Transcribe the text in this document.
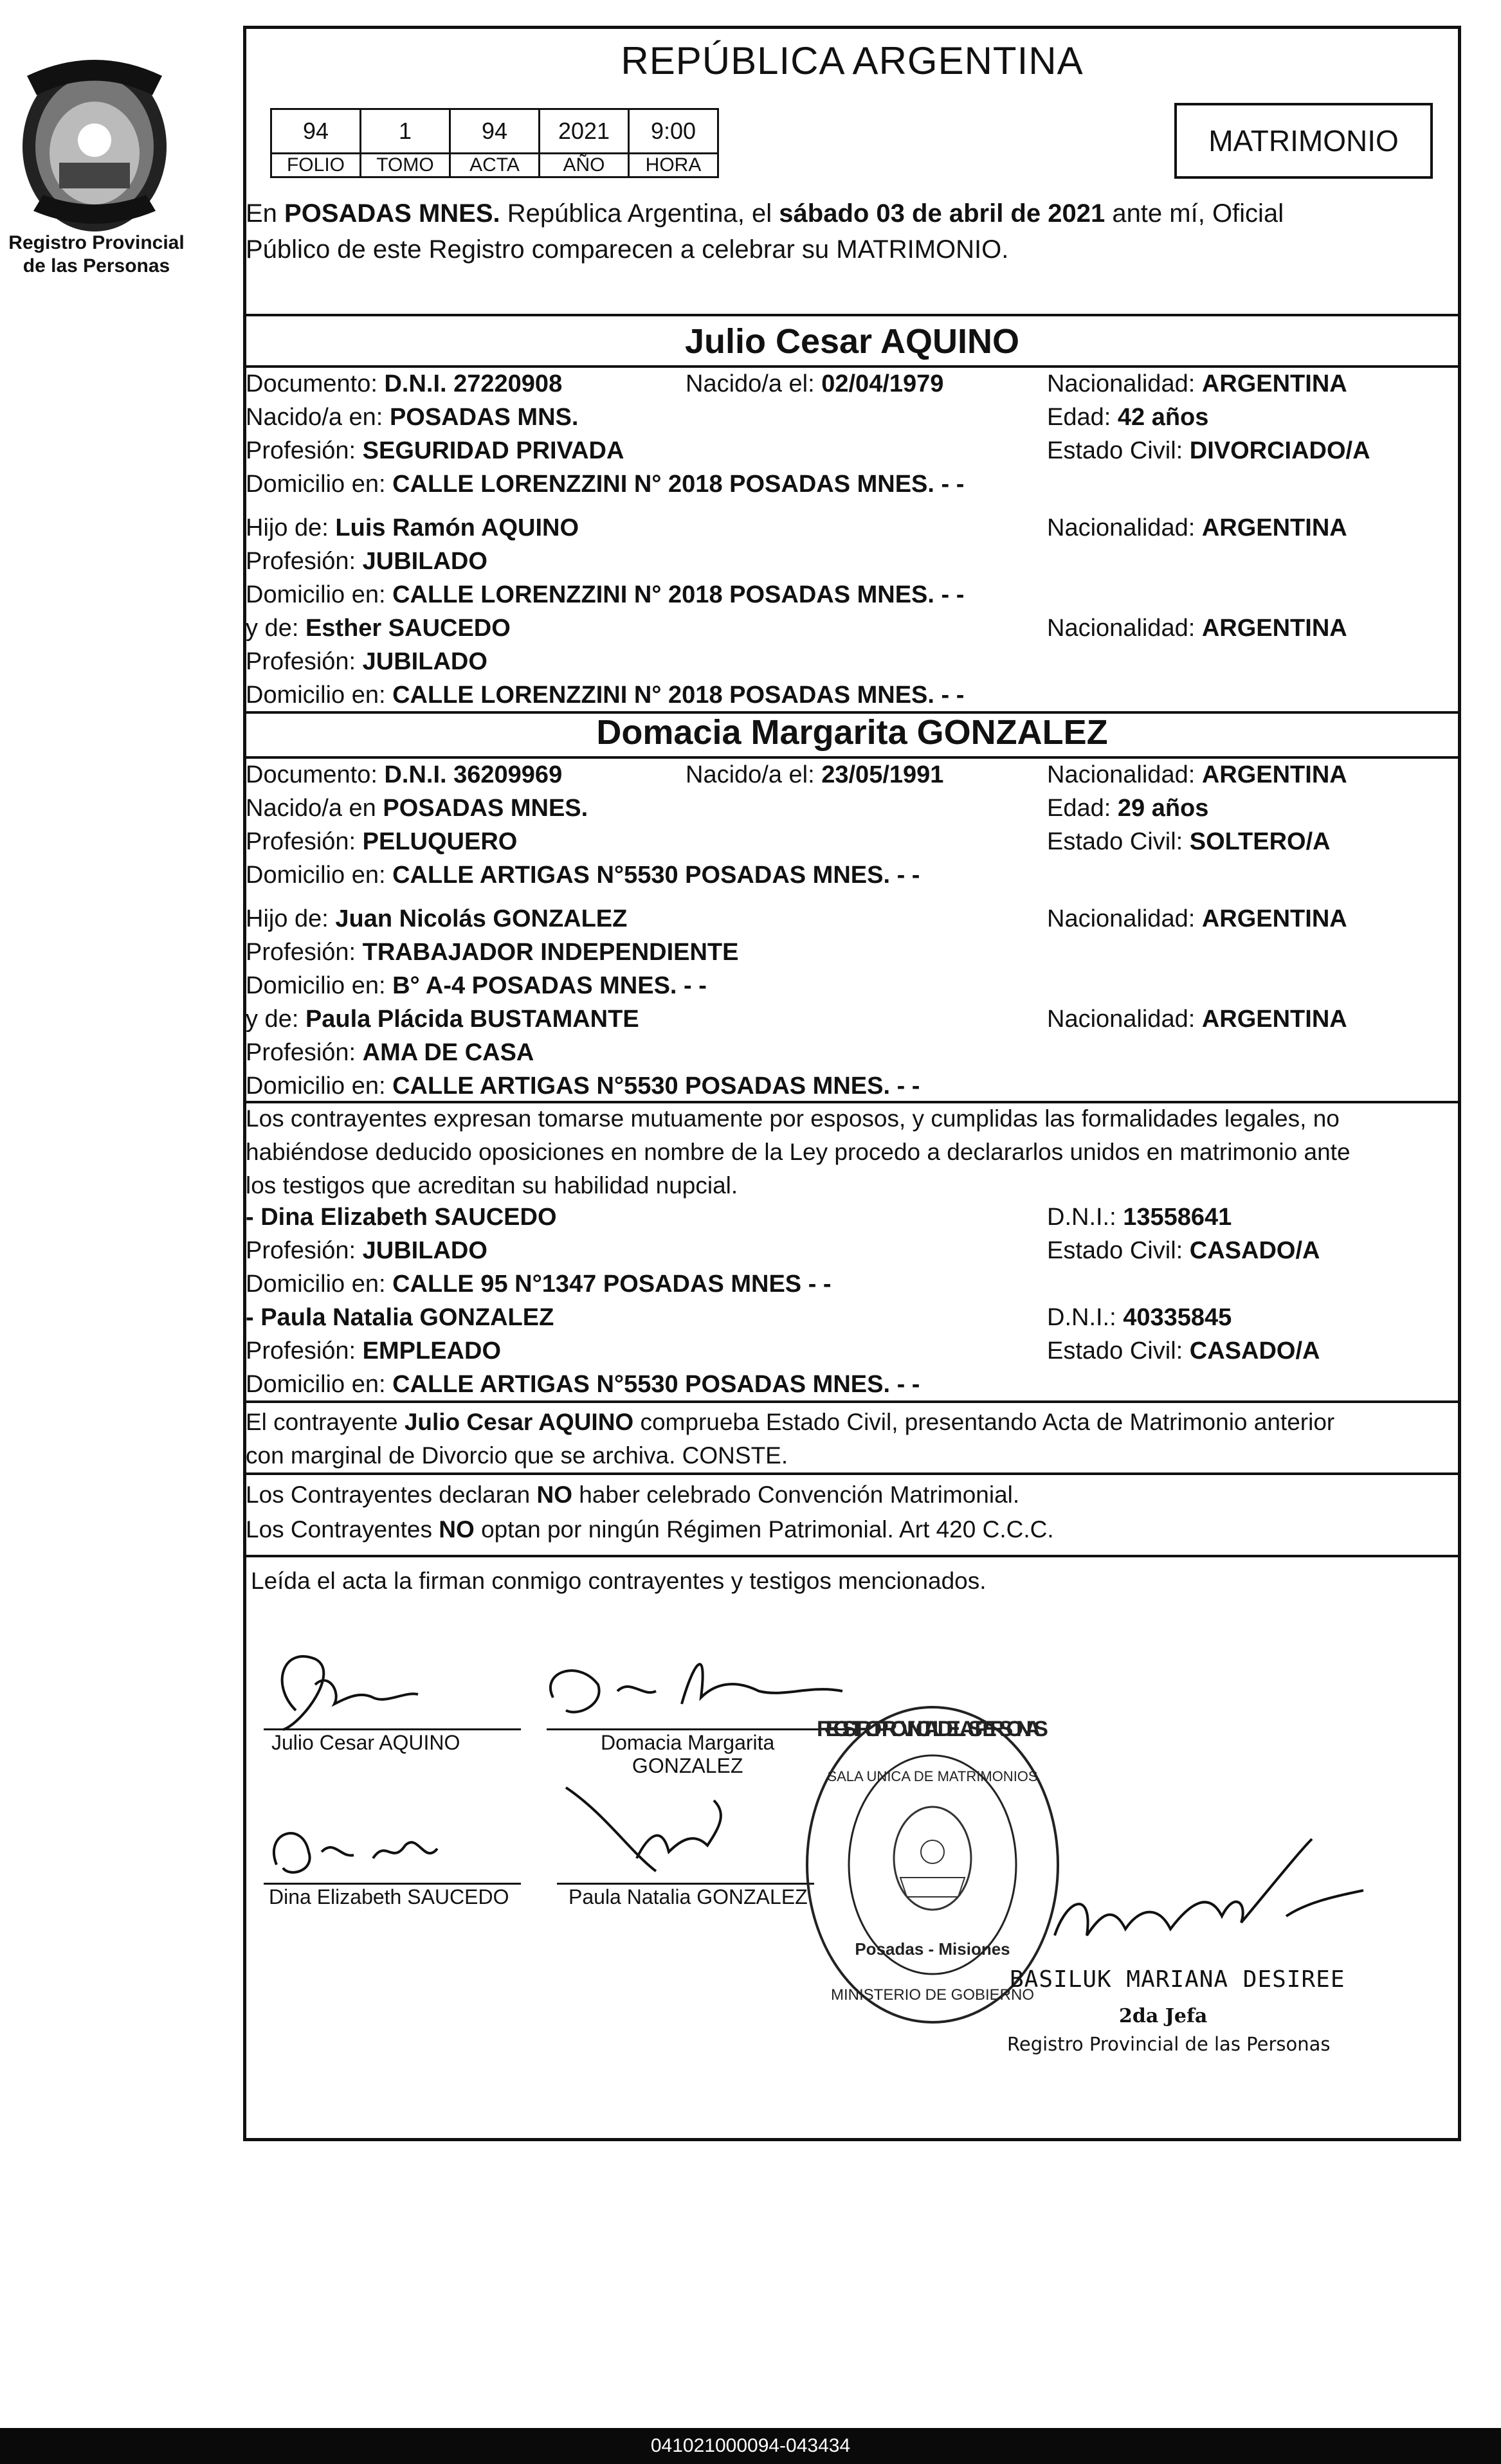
Registro Provincial
de las Personas
REPÚBLICA ARGENTINA
94	1	94	2021	9:00
FOLIO	TOMO	ACTA	AÑO	HORA
MATRIMONIO
En POSADAS MNES. República Argentina, el sábado 03 de abril de 2021 ante mí, Oficial
Público de este Registro comparecen a celebrar su MATRIMONIO.
Julio Cesar AQUINO
Documento: D.N.I. 27220908	Nacido/a el: 02/04/1979	Nacionalidad: ARGENTINA
Nacido/a en: POSADAS MNS.	Edad: 42 años
Profesión: SEGURIDAD PRIVADA	Estado Civil: DIVORCIADO/A
Domicilio en: CALLE LORENZZINI N° 2018 POSADAS MNES. - -
Hijo de: Luis Ramón AQUINO	Nacionalidad: ARGENTINA
Profesión: JUBILADO
Domicilio en: CALLE LORENZZINI N° 2018 POSADAS MNES. - -
y de: Esther SAUCEDO	Nacionalidad: ARGENTINA
Profesión: JUBILADO
Domicilio en: CALLE LORENZZINI N° 2018 POSADAS MNES. - -
Domacia Margarita GONZALEZ
Documento: D.N.I. 36209969	Nacido/a el: 23/05/1991	Nacionalidad: ARGENTINA
Nacido/a en POSADAS MNES.	Edad: 29 años
Profesión: PELUQUERO	Estado Civil: SOLTERO/A
Domicilio en: CALLE ARTIGAS N°5530 POSADAS MNES. - -
Hijo de: Juan Nicolás GONZALEZ	Nacionalidad: ARGENTINA
Profesión: TRABAJADOR INDEPENDIENTE
Domicilio en: B° A-4 POSADAS MNES. - -
y de: Paula Plácida BUSTAMANTE	Nacionalidad: ARGENTINA
Profesión: AMA DE CASA
Domicilio en: CALLE ARTIGAS N°5530 POSADAS MNES. - -
Los contrayentes expresan tomarse mutuamente por esposos, y cumplidas las formalidades legales, no
habiéndose deducido oposiciones en nombre de la Ley procedo a declararlos unidos en matrimonio ante
los testigos que acreditan su habilidad nupcial.
- Dina Elizabeth SAUCEDO	D.N.I.: 13558641
Profesión: JUBILADO	Estado Civil: CASADO/A
Domicilio en: CALLE 95 N°1347 POSADAS MNES - -
- Paula Natalia GONZALEZ	D.N.I.: 40335845
Profesión: EMPLEADO	Estado Civil: CASADO/A
Domicilio en: CALLE ARTIGAS N°5530 POSADAS MNES. - -
El contrayente Julio Cesar AQUINO comprueba Estado Civil, presentando Acta de Matrimonio anterior
con marginal de Divorcio que se archiva. CONSTE.
Los Contrayentes declaran NO haber celebrado Convención Matrimonial.
Los Contrayentes NO optan por ningún Régimen Patrimonial. Art 420 C.C.C.
Leída el acta la firman conmigo contrayentes y testigos mencionados.
Julio Cesar AQUINO	Domacia Margarita
GONZALEZ
Dina Elizabeth SAUCEDO	Paula Natalia GONZALEZ
REGISTRO PROVINCIAL DE LAS PERSONAS
SALA UNICA DE MATRIMONIOS
Posadas - Misiones
MINISTERIO DE GOBIERNO
BASILUK MARIANA DESIREE
2da Jefa
Registro Provincial de las Personas
041021000094-043434
